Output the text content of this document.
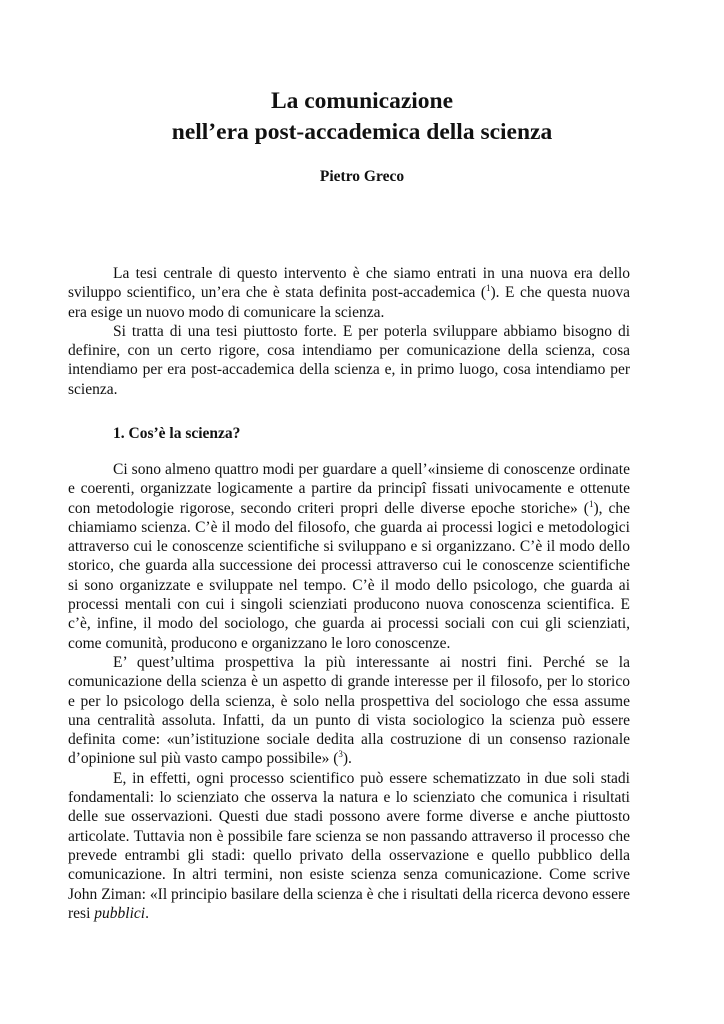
La comunicazione
nell’era post-accademica della scienza

Pietro Greco

La tesi centrale di questo intervento è che siamo entrati in una nuova era dello sviluppo scientifico, un’era che è stata definita post-accademica ($^1$). E che questa nuova era esige un nuovo modo di comunicare la scienza.

Si tratta di una tesi piuttosto forte. E per poterla sviluppare abbiamo bisogno di definire, con un certo rigore, cosa intendiamo per comunicazione della scienza, cosa intendiamo per era post-accademica della scienza e, in primo luogo, cosa intendiamo per scienza.

1. Cos’è la scienza?

Ci sono almeno quattro modi per guardare a quell’«insieme di conoscenze ordinate e coerenti, organizzate logicamente a partire da principî fissati univocamente e ottenute con metodologie rigorose, secondo criteri propri delle diverse epoche storiche» ($^1$), che chiamiamo scienza. C’è il modo del filosofo, che guarda ai processi logici e metodologici attraverso cui le conoscenze scientifiche si sviluppano e si organizzano. C’è il modo dello storico, che guarda alla successione dei processi attraverso cui le conoscenze scientifiche si sono organizzate e sviluppate nel tempo. C’è il modo dello psicologo, che guarda ai processi mentali con cui i singoli scienziati producono nuova conoscenza scientifica. E c’è, infine, il modo del sociologo, che guarda ai processi sociali con cui gli scienziati, come comunità, producono e organizzano le loro conoscenze.

E’ quest’ultima prospettiva la più interessante ai nostri fini. Perché se la comunicazione della scienza è un aspetto di grande interesse per il filosofo, per lo storico e per lo psicologo della scienza, è solo nella prospettiva del sociologo che essa assume una centralità assoluta. Infatti, da un punto di vista sociologico la scienza può essere definita come: «un’istituzione sociale dedita alla costruzione di un consenso razionale d’opinione sul più vasto campo possibile» ($^3$).

E, in effetti, ogni processo scientifico può essere schematizzato in due soli stadi fondamentali: lo scienziato che osserva la natura e lo scienziato che comunica i risultati delle sue osservazioni. Questi due stadi possono avere forme diverse e anche piuttosto articolate. Tuttavia non è possibile fare scienza se non passando attraverso il processo che prevede entrambi gli stadi: quello privato della osservazione e quello pubblico della comunicazione. In altri termini, non esiste scienza senza comunicazione. Come scrive John Ziman: «Il principio basilare della scienza è che i risultati della ricerca devono essere resi pubblici.
